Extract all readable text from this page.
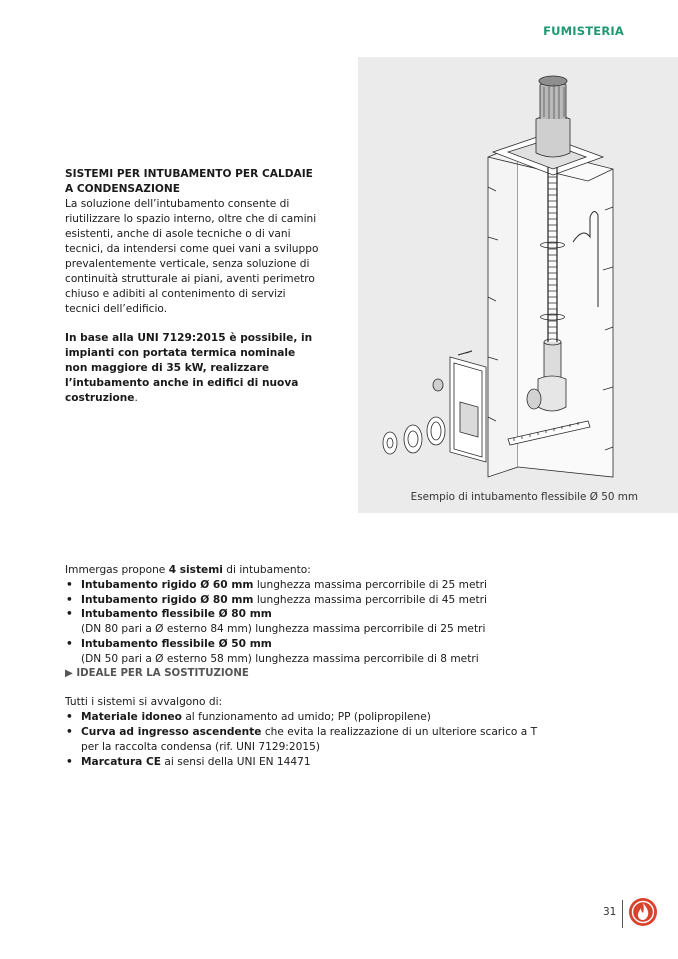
FUMISTERIA
SISTEMI PER INTUBAMENTO PER CALDAIE
A CONDENSAZIONE

La soluzione dell’intubamento consente di riutilizzare lo spazio interno, oltre che di camini esistenti, anche di asole tecniche o di vani tecnici, da intendersi come quei vani a sviluppo prevalentemente verticale, senza soluzione di continuità strutturale ai piani, aventi perimetro chiuso e adibiti al contenimento di servizi tecnici dell’edificio.

In base alla UNI 7129:2015 è possibile, in impianti con portata termica nominale non maggiore di 35 kW, realizzare l’intubamento anche in edifici di nuova costruzione.

Esempio di intubamento flessibile Ø 50 mm

Immergas propone 4 sistemi di intubamento:

• Intubamento rigido Ø 60 mm lunghezza massima percorribile di 25 metri
• Intubamento rigido Ø 80 mm lunghezza massima percorribile di 45 metri
• Intubamento flessibile Ø 80 mm
(DN 80 pari a Ø esterno 84 mm) lunghezza massima percorribile di 25 metri
• Intubamento flessibile Ø 50 mm
(DN 50 pari a Ø esterno 58 mm) lunghezza massima percorribile di 8 metri
▶ IDEALE PER LA SOSTITUZIONE

Tutti i sistemi si avvalgono di:

• Materiale idoneo al funzionamento ad umido; PP (polipropilene)
• Curva ad ingresso ascendente che evita la realizzazione di un ulteriore scarico a T per la raccolta condensa (rif. UNI 7129:2015)
• Marcatura CE ai sensi della UNI EN 14471
31
